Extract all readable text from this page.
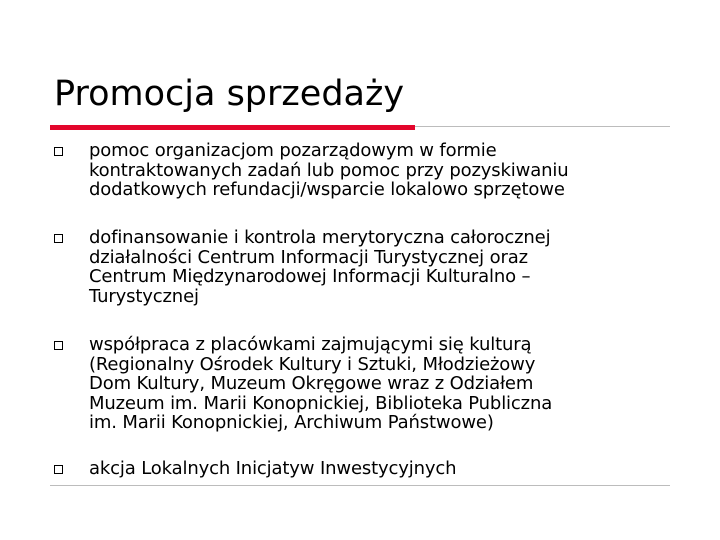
Promocja sprzedaży
pomoc organizacjom pozarządowym w formie
kontraktowanych zadań lub pomoc przy pozyskiwaniu
dodatkowych refundacji/wsparcie lokalowo sprzętowe
dofinansowanie i kontrola merytoryczna całorocznej
działalności Centrum Informacji Turystycznej oraz
Centrum Międzynarodowej Informacji Kulturalno –
Turystycznej
współpraca z placówkami zajmującymi się kulturą
(Regionalny Ośrodek Kultury i Sztuki, Młodzieżowy
Dom Kultury, Muzeum Okręgowe wraz z Odziałem
Muzeum im. Marii Konopnickiej, Biblioteka Publiczna
im. Marii Konopnickiej, Archiwum Państwowe)
akcja Lokalnych Inicjatyw Inwestycyjnych
